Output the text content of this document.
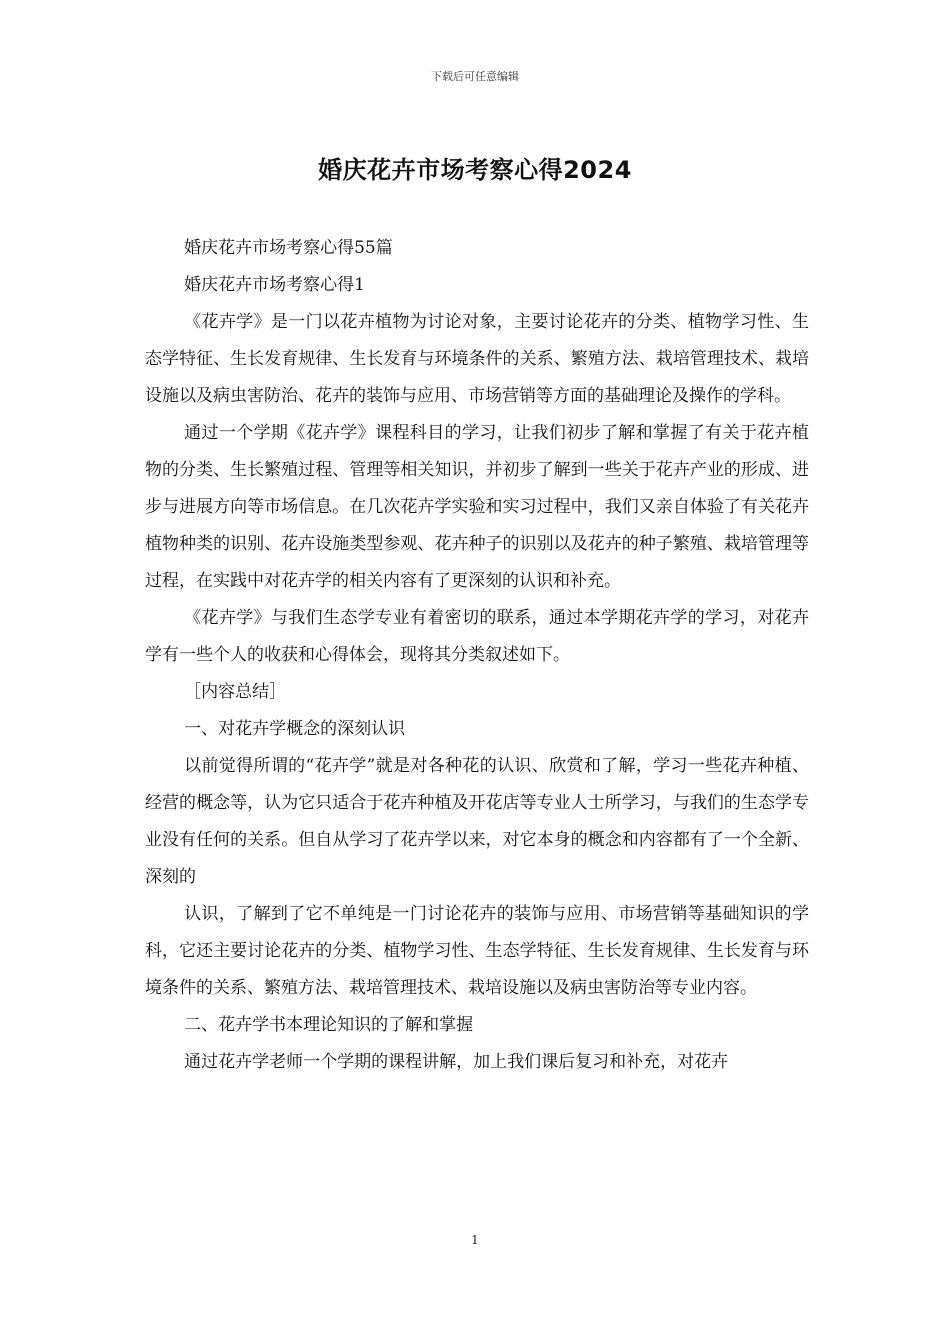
下载后可任意编辑
婚庆花卉市场考察心得2024

婚庆花卉市场考察心得55篇

婚庆花卉市场考察心得1

《花卉学》是一门以花卉植物为讨论对象，主要讨论花卉的分类、植物学习性、生态学特征、生长发育规律、生长发育与环境条件的关系、繁殖方法、栽培管理技术、栽培设施以及病虫害防治、花卉的装饰与应用、市场营销等方面的基础理论及操作的学科。

通过一个学期《花卉学》课程科目的学习，让我们初步了解和掌握了有关于花卉植物的分类、生长繁殖过程、管理等相关知识，并初步了解到一些关于花卉产业的形成、进步与进展方向等市场信息。在几次花卉学实验和实习过程中，我们又亲自体验了有关花卉植物种类的识别、花卉设施类型参观、花卉种子的识别以及花卉的种子繁殖、栽培管理等过程，在实践中对花卉学的相关内容有了更深刻的认识和补充。

《花卉学》与我们生态学专业有着密切的联系，通过本学期花卉学的学习，对花卉学有一些个人的收获和心得体会，现将其分类叙述如下。

［内容总结］

一、对花卉学概念的深刻认识

以前觉得所谓的“花卉学”就是对各种花的认识、欣赏和了解，学习一些花卉种植、经营的概念等，认为它只适合于花卉种植及开花店等专业人士所学习，与我们的生态学专业没有任何的关系。但自从学习了花卉学以来，对它本身的概念和内容都有了一个全新、深刻的

认识，了解到了它不单纯是一门讨论花卉的装饰与应用、市场营销等基础知识的学科，它还主要讨论花卉的分类、植物学习性、生态学特征、生长发育规律、生长发育与环境条件的关系、繁殖方法、栽培管理技术、栽培设施以及病虫害防治等专业内容。

二、花卉学书本理论知识的了解和掌握

通过花卉学老师一个学期的课程讲解，加上我们课后复习和补充，对花卉

1
